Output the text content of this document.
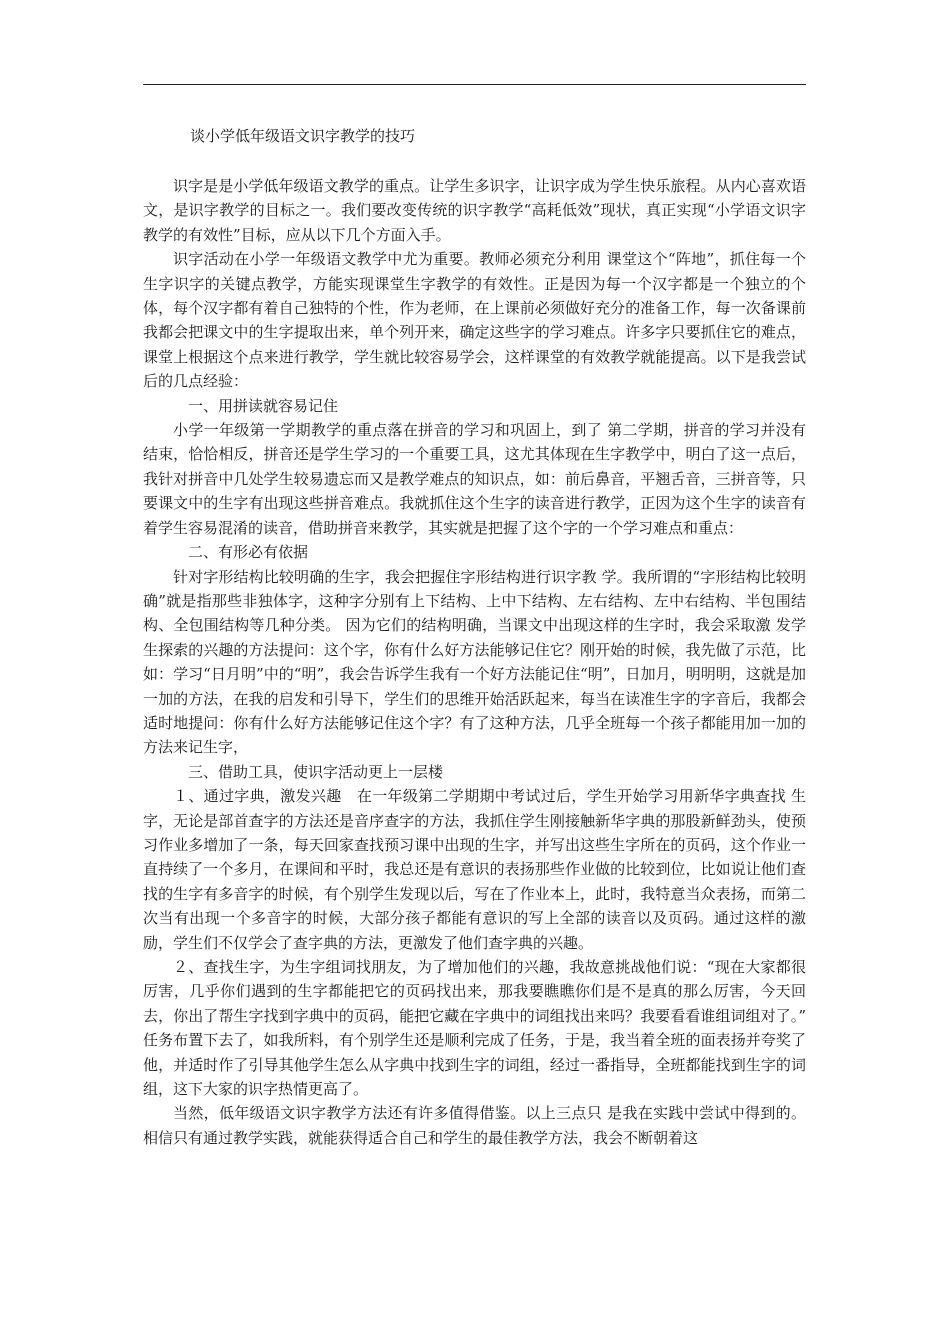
谈小学低年级语文识字教学的技巧

识字是是小学低年级语文教学的重点。让学生多识字，让识字成为学生快乐旅程。从内心喜欢语文，是识字教学的目标之一。我们要改变传统的识字教学“高耗低效”现状，真正实现“小学语文识字教学的有效性”目标，应从以下几个方面入手。

识字活动在小学一年级语文教学中尤为重要。教师必须充分利用 课堂这个“阵地”，抓住每一个生字识字的关键点教学，方能实现课堂生字教学的有效性。正是因为每一个汉字都是一个独立的个体，每个汉字都有着自己独特的个性，作为老师，在上课前必须做好充分的准备工作，每一次备课前我都会把课文中的生字提取出来，单个列开来，确定这些字的学习难点。许多字只要抓住它的难点，课堂上根据这个点来进行教学，学生就比较容易学会，这样课堂的有效教学就能提高。以下是我尝试后的几点经验：

一、用拼读就容易记住

小学一年级第一学期教学的重点落在拼音的学习和巩固上，到了 第二学期，拼音的学习并没有结束，恰恰相反，拼音还是学生学习的一个重要工具，这尤其体现在生字教学中，明白了这一点后，我针对拼音中几处学生较易遗忘而又是教学难点的知识点，如：前后鼻音，平翘舌音，三拼音等，只要课文中的生字有出现这些拼音难点。我就抓住这个生字的读音进行教学，正因为这个生字的读音有着学生容易混淆的读音，借助拼音来教学，其实就是把握了这个字的一个学习难点和重点：

二、有形必有依据

针对字形结构比较明确的生字，我会把握住字形结构进行识字教 学。我所谓的“字形结构比较明确”就是指那些非独体字，这种字分别有上下结构、上中下结构、左右结构、左中右结构、半包围结构、全包围结构等几种分类。 因为它们的结构明确，当课文中出现这样的生字时，我会采取激 发学生探索的兴趣的方法提问：这个字，你有什么好方法能够记住它？刚开始的时候，我先做了示范，比如：学习“日月明”中的“明”，我会告诉学生我有一个好方法能记住“明”，日加月，明明明，这就是加一加的方法，在我的启发和引导下，学生们的思维开始活跃起来，每当在读准生字的字音后，我都会适时地提问：你有什么好方法能够记住这个字？有了这种方法，几乎全班每一个孩子都能用加一加的方法来记生字，

三、借助工具，使识字活动更上一层楼

１、通过字典，激发兴趣　在一年级第二学期期中考试过后，学生开始学习用新华字典查找 生字，无论是部首查字的方法还是音序查字的方法，我抓住学生刚接触新华字典的那股新鲜劲头，使预习作业多增加了一条，每天回家查找预习课中出现的生字，并写出这些生字所在的页码，这个作业一直持续了一个多月，在课间和平时，我总还是有意识的表扬那些作业做的比较到位，比如说让他们查找的生字有多音字的时候，有个别学生发现以后，写在了作业本上，此时，我特意当众表扬，而第二次当有出现一个多音字的时候，大部分孩子都能有意识的写上全部的读音以及页码。通过这样的激励，学生们不仅学会了查字典的方法，更激发了他们查字典的兴趣。

２、查找生字，为生字组词找朋友，为了增加他们的兴趣，我故意挑战他们说：“现在大家都很厉害，几乎你们遇到的生字都能把它的页码找出来，那我要瞧瞧你们是不是真的那么厉害，今天回去，你出了帮生字找到字典中的页码，能把它藏在字典中的词组找出来吗？我要看看谁组词组对了。” 任务布置下去了，如我所料，有个别学生还是顺利完成了任务，于是，我当着全班的面表扬并夸奖了他，并适时作了引导其他学生怎么从字典中找到生字的词组，经过一番指导，全班都能找到生字的词组，这下大家的识字热情更高了。

当然，低年级语文识字教学方法还有许多值得借鉴。以上三点只 是我在实践中尝试中得到的。相信只有通过教学实践，就能获得适合自己和学生的最佳教学方法，我会不断朝着这
